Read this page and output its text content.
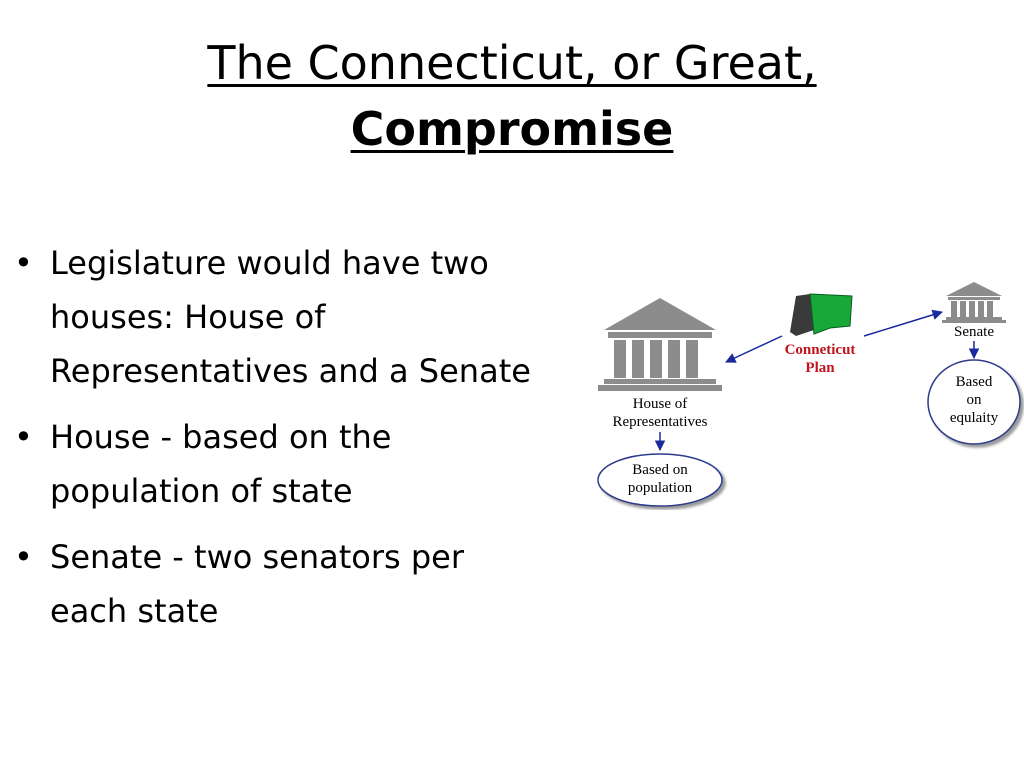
The Connecticut, or Great,
Compromise
• Legislature would have two houses: House of Representatives and a Senate
• House - based on the population of state
• Senate - two senators per each state
House of
Representatives
Conneticut
Plan
Senate
Based on
population
Based
on
equlaity
